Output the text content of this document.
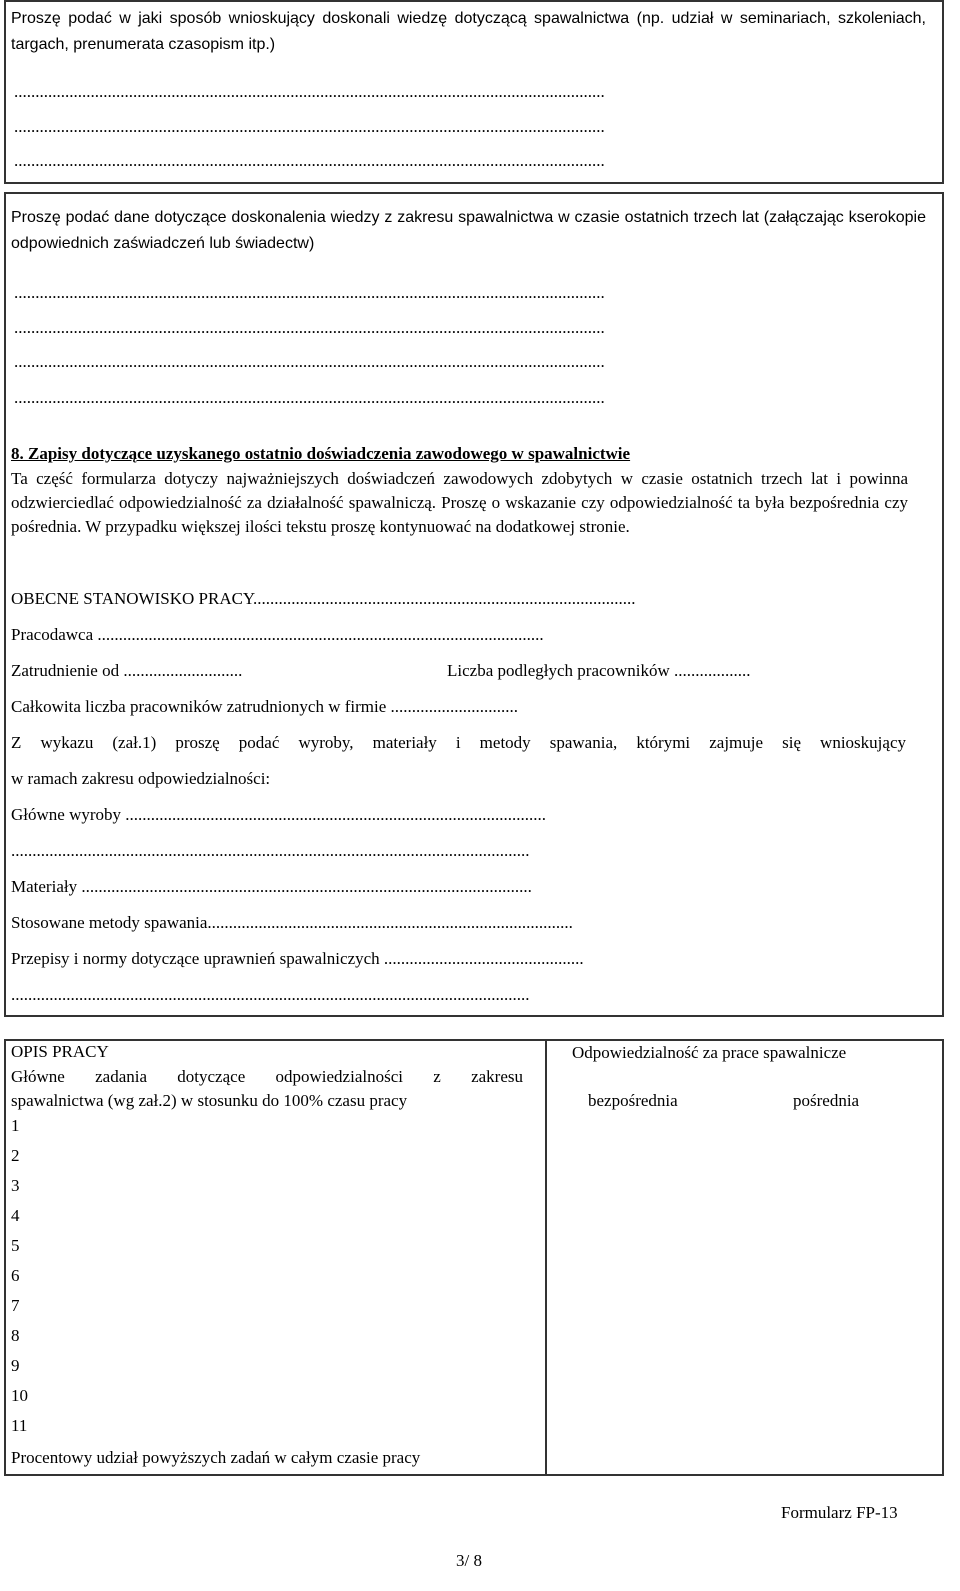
Proszę podać w jaki sposób wnioskujący doskonali wiedzę dotyczącą spawalnictwa (np. udział w seminariach, szkoleniach, targach, prenumerata czasopism itp.)
...........................................................................................................................................
...........................................................................................................................................
...........................................................................................................................................
Proszę podać dane dotyczące doskonalenia wiedzy z zakresu spawalnictwa w czasie ostatnich trzech lat (załączając kserokopie odpowiednich zaświadczeń lub świadectw)
...........................................................................................................................................
...........................................................................................................................................
...........................................................................................................................................
...........................................................................................................................................
8. Zapisy dotyczące uzyskanego ostatnio doświadczenia zawodowego w spawalnictwie
Ta część formularza dotyczy najważniejszych doświadczeń zawodowych zdobytych w czasie ostatnich trzech lat i powinna odzwierciedlać odpowiedzialność za działalność spawalniczą. Proszę o wskazanie czy odpowiedzialność ta była bezpośrednia czy pośrednia. W przypadku większej ilości tekstu proszę kontynuować na dodatkowej stronie.
OBECNE STANOWISKO PRACY..........................................................................................
Pracodawca .........................................................................................................
Zatrudnienie od ............................	Liczba podległych pracowników ..................
Całkowita liczba pracowników zatrudnionych w firmie ..............................
Z wykazu (zał.1) proszę podać wyroby, materiały i metody spawania, którymi zajmuje się wnioskujący
w ramach zakresu odpowiedzialności:
Główne wyroby ...................................................................................................
..........................................................................................................................
Materiały ..........................................................................................................
Stosowane metody spawania......................................................................................
Przepisy i normy dotyczące uprawnień spawalniczych ...............................................
..........................................................................................................................
OPIS PRACY
Główne zadania dotyczące odpowiedzialności z zakresu
spawalnictwa (wg zał.2) w stosunku do 100% czasu pracy
Odpowiedzialność za prace spawalnicze
bezpośrednia	pośrednia
1
2
3
4
5
6
7
8
9
10
11
Procentowy udział powyższych zadań w całym czasie pracy
Formularz FP-13
3/ 8
